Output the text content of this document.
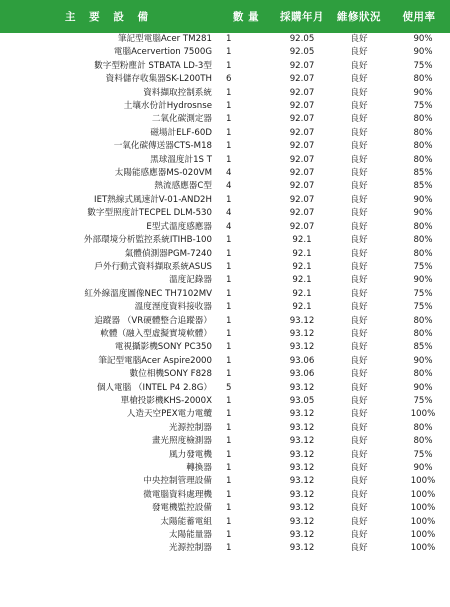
主 要 設 備	數 量	採購年月	維修狀況	使用率
筆記型電腦Acer TM281	1	92.05	良好	90%
電腦Acervertion 7500G	1	92.05	良好	90%
數字型粉塵計 STBATA LD-3型	1	92.07	良好	75%
資料儲存收集器SK-L200TH	6	92.07	良好	80%
資料擷取控制系統	1	92.07	良好	90%
土壤水份計Hydrosnse	1	92.07	良好	75%
二氧化碳測定器	1	92.07	良好	80%
磁場計ELF-60D	1	92.07	良好	80%
一氧化碳傳送器CTS-M18	1	92.07	良好	80%
黑球溫度計1S T	1	92.07	良好	80%
太陽能感應器MS-020VM	4	92.07	良好	85%
熱流感應器C型	4	92.07	良好	85%
IET熱線式風速計V-01-AND2H	1	92.07	良好	90%
數字型照度計TECPEL DLM-530	4	92.07	良好	90%
E型式溫度感應器	4	92.07	良好	80%
外部環境分析監控系統ITIHB-100	1	92.1	良好	80%
氣體偵測器PGM-7240	1	92.1	良好	80%
戶外行動式資料擷取系統ASUS	1	92.1	良好	75%
溫度記錄器	1	92.1	良好	90%
紅外線溫度圖像NEC TH7102MV	1	92.1	良好	75%
溫度溼度資料接收器	1	92.1	良好	75%
追蹤器 （VR硬體整合追蹤器）	1	93.12	良好	80%
軟體（融入型虛擬實境軟體）	1	93.12	良好	80%
電視攝影機SONY PC350	1	93.12	良好	85%
筆記型電腦Acer Aspire2000	1	93.06	良好	90%
數位相機SONY F828	1	93.06	良好	80%
個人電腦 （INTEL P4 2.8G）	5	93.12	良好	90%
單槍投影機KHS-2000X	1	93.05	良好	75%
人造天空PEX電力電纜	1	93.12	良好	100%
光源控制器	1	93.12	良好	80%
畫光照度檢測器	1	93.12	良好	80%
風力發電機	1	93.12	良好	75%
轉換器	1	93.12	良好	90%
中央控制管理設備	1	93.12	良好	100%
微電腦資料處理機	1	93.12	良好	100%
發電機監控設備	1	93.12	良好	100%
太陽能蓄電組	1	93.12	良好	100%
太陽能量器	1	93.12	良好	100%
光源控制器	1	93.12	良好	100%
